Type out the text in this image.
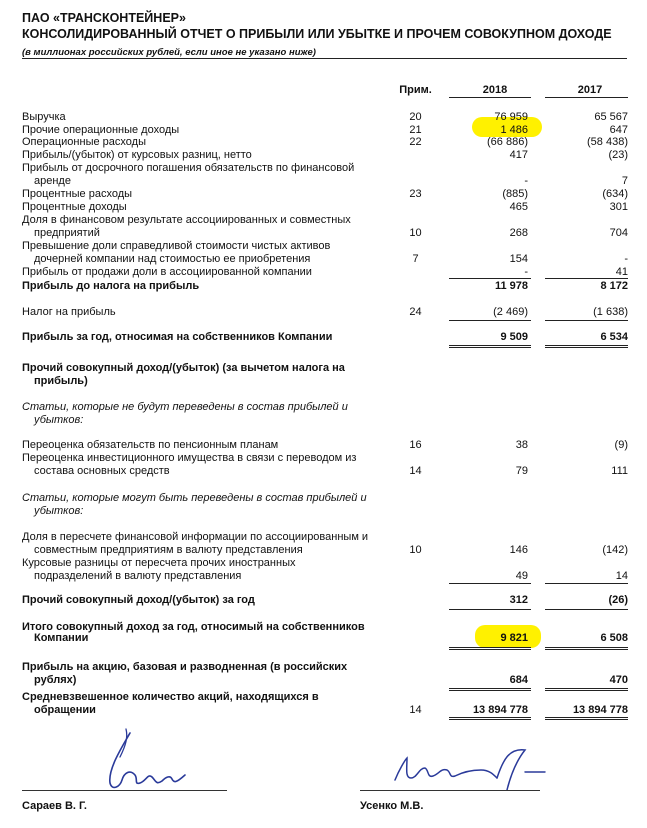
ПАО «ТРАНСКОНТЕЙНЕР»
КОНСОЛИДИРОВАННЫЙ ОТЧЕТ О ПРИБЫЛИ ИЛИ УБЫТКЕ И ПРОЧЕМ СОВОКУПНОМ ДОХОДЕ
(в миллионах российских рублей, если иное не указано ниже)
Прим.	2018	2017
Выручка	20	76 959	65 567
Прочие операционные доходы	21	1 486	647
Операционные расходы	22	(66 886)	(58 438)
Прибыль/(убыток) от курсовых разниц, нетто	417	(23)
Прибыль от досрочного погашения обязательств по финансовой
аренде	-	7
Процентные расходы	23	(885)	(634)
Процентные доходы	465	301
Доля в финансовом результате ассоциированных и совместных
предприятий	10	268	704
Превышение доли справедливой стоимости чистых активов
дочерней компании над стоимостью ее приобретения	7	154	-
Прибыль от продажи доли в ассоциированной компании	-	41
Прибыль до налога на прибыль	11 978	8 172
Налог на прибыль	24	(2 469)	(1 638)
Прибыль за год, относимая на собственников Компании	9 509	6 534
Прочий совокупный доход/(убыток) (за вычетом налога на
прибыль)
Статьи, которые не будут переведены в состав прибылей и
убытков:
Переоценка обязательств по пенсионным планам	16	38	(9)
Переоценка инвестиционного имущества в связи с переводом из
состава основных средств	14	79	111
Статьи, которые могут быть переведены в состав прибылей и
убытков:
Доля в пересчете финансовой информации по ассоциированным и
совместным предприятиям в валюту представления	10	146	(142)
Курсовые разницы от пересчета прочих иностранных
подразделений в валюту представления	49	14
Прочий совокупный доход/(убыток) за год	312	(26)
Итого совокупный доход за год, относимый на собственников
Компании	9 821	6 508
Прибыль на акцию, базовая и разводненная (в российских
рублях)	684	470
Средневзвешенное количество акций, находящихся в
обращении	14	13 894 778	13 894 778
Сараев В. Г.	Усенко М.В.
